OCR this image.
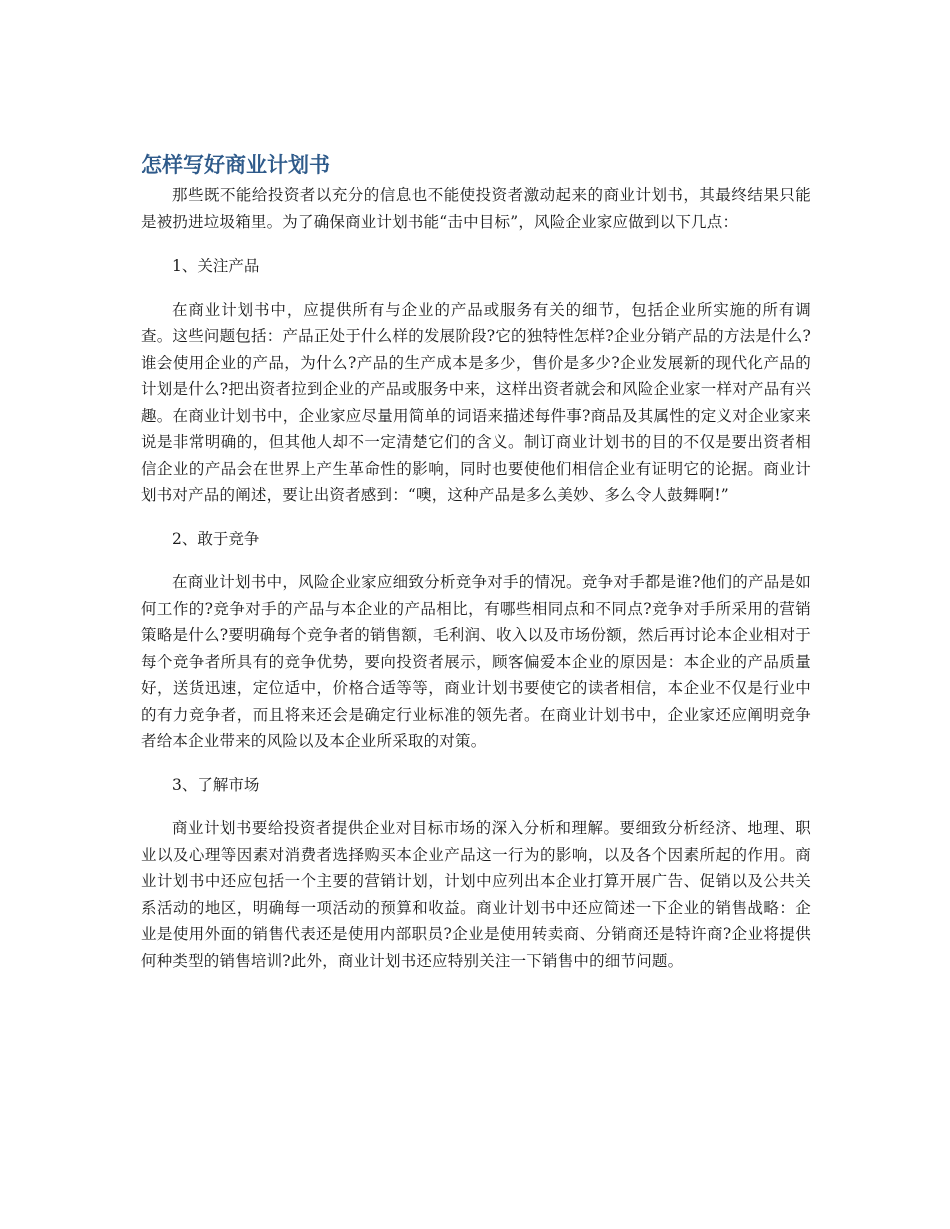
怎样写好商业计划书

那些既不能给投资者以充分的信息也不能使投资者激动起来的商业计划书，其最终结果只能是被扔进垃圾箱里。为了确保商业计划书能“击中目标”，风险企业家应做到以下几点：

1、关注产品

在商业计划书中，应提供所有与企业的产品或服务有关的细节，包括企业所实施的所有调查。这些问题包括：产品正处于什么样的发展阶段?它的独特性怎样?企业分销产品的方法是什么?谁会使用企业的产品，为什么?产品的生产成本是多少，售价是多少?企业发展新的现代化产品的计划是什么?把出资者拉到企业的产品或服务中来，这样出资者就会和风险企业家一样对产品有兴趣。在商业计划书中，企业家应尽量用简单的词语来描述每件事?商品及其属性的定义对企业家来说是非常明确的，但其他人却不一定清楚它们的含义。制订商业计划书的目的不仅是要出资者相信企业的产品会在世界上产生革命性的影响，同时也要使他们相信企业有证明它的论据。商业计划书对产品的阐述，要让出资者感到：“噢，这种产品是多么美妙、多么令人鼓舞啊!”

2、敢于竞争

在商业计划书中，风险企业家应细致分析竞争对手的情况。竞争对手都是谁?他们的产品是如何工作的?竞争对手的产品与本企业的产品相比，有哪些相同点和不同点?竞争对手所采用的营销策略是什么?要明确每个竞争者的销售额，毛利润、收入以及市场份额，然后再讨论本企业相对于每个竞争者所具有的竞争优势，要向投资者展示，顾客偏爱本企业的原因是：本企业的产品质量好，送货迅速，定位适中，价格合适等等，商业计划书要使它的读者相信，本企业不仅是行业中的有力竞争者，而且将来还会是确定行业标准的领先者。在商业计划书中，企业家还应阐明竞争者给本企业带来的风险以及本企业所采取的对策。

3、了解市场

商业计划书要给投资者提供企业对目标市场的深入分析和理解。要细致分析经济、地理、职业以及心理等因素对消费者选择购买本企业产品这一行为的影响，以及各个因素所起的作用。商业计划书中还应包括一个主要的营销计划，计划中应列出本企业打算开展广告、促销以及公共关系活动的地区，明确每一项活动的预算和收益。商业计划书中还应简述一下企业的销售战略：企业是使用外面的销售代表还是使用内部职员?企业是使用转卖商、分销商还是特许商?企业将提供何种类型的销售培训?此外，商业计划书还应特别关注一下销售中的细节问题。
